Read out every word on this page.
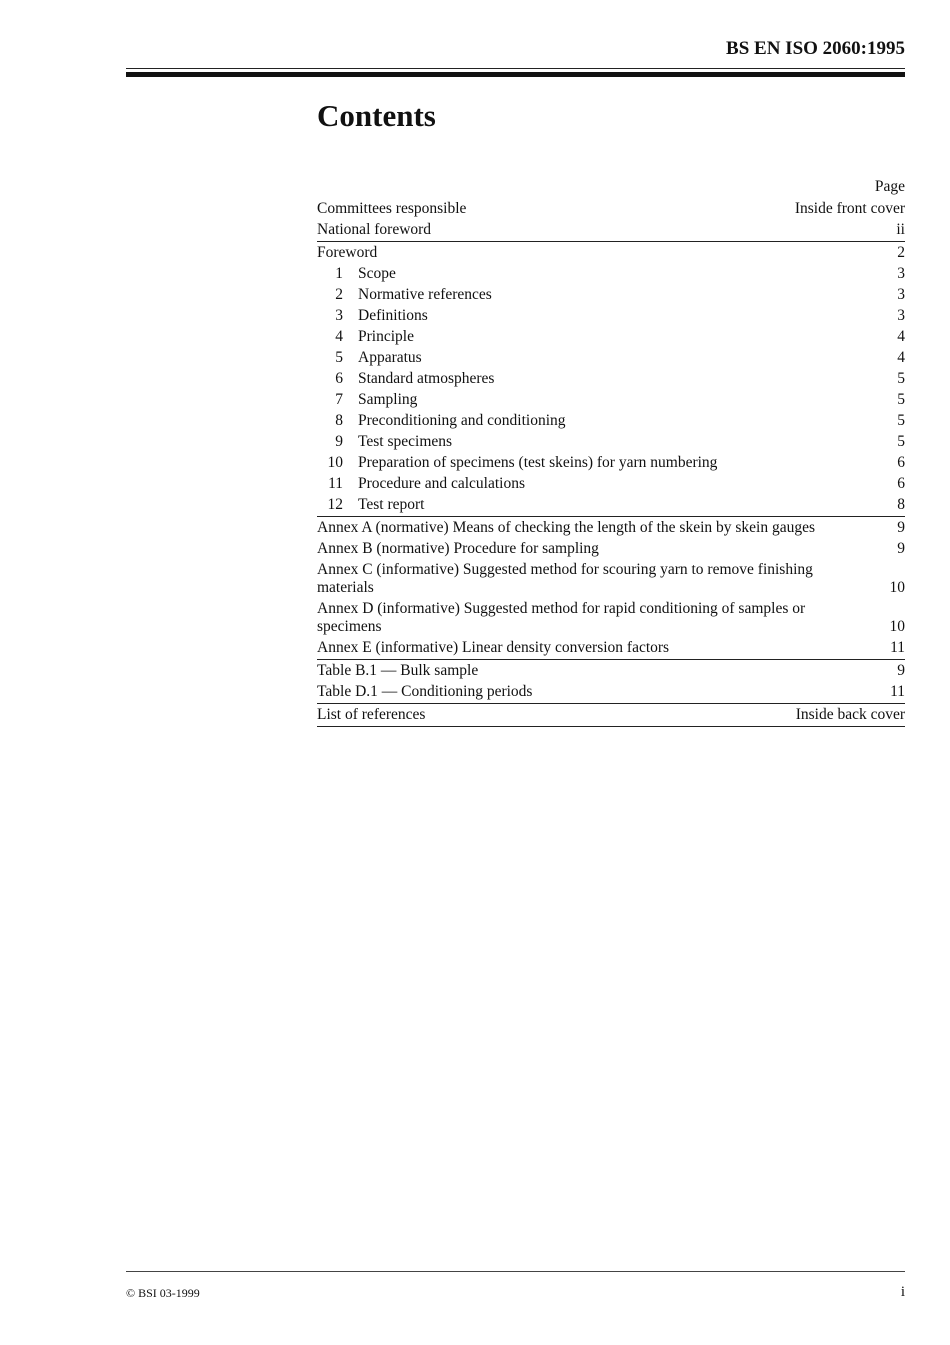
BS EN ISO 2060:1995
Contents
Page
Committees responsible	Inside front cover
National foreword	ii
Foreword	2
1 Scope	3
2 Normative references	3
3 Definitions	3
4 Principle	4
5 Apparatus	4
6 Standard atmospheres	5
7 Sampling	5
8 Preconditioning and conditioning	5
9 Test specimens	5
10 Preparation of specimens (test skeins) for yarn numbering	6
11 Procedure and calculations	6
12 Test report	8
Annex A (normative) Means of checking the length of the skein by skein gauges	9
Annex B (normative) Procedure for sampling	9
Annex C (informative) Suggested method for scouring yarn to remove finishing materials	10
Annex D (informative) Suggested method for rapid conditioning of samples or specimens	10
Annex E (informative) Linear density conversion factors	11
Table B.1 — Bulk sample	9
Table D.1 — Conditioning periods	11
List of references	Inside back cover
© BSI 03-1999	i
